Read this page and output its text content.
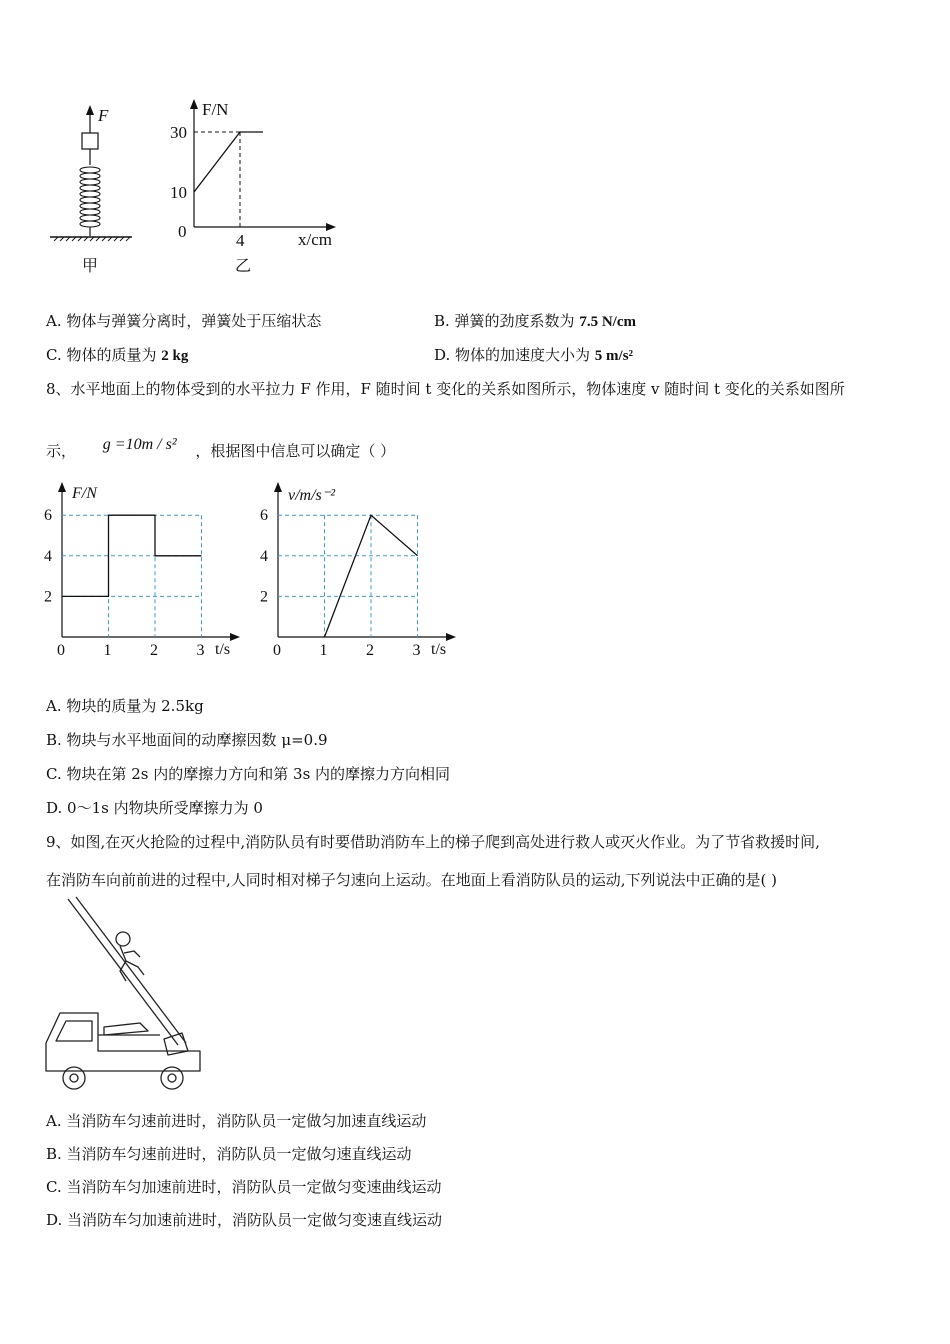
F
甲
F/N
x/cm
0
30
10
4
乙
A. 物体与弹簧分离时，弹簧处于压缩状态	B. 弹簧的劲度系数为 7.5 N/cm
C. 物体的质量为 2 kg	D. 物体的加速度大小为 5 m/s²
8、水平地面上的物体受到的水平拉力 F 作用，F 随时间 t 变化的关系如图所示，物体速度 v 随时间 t 变化的关系如图所
示， g =10m / s² ，根据图中信息可以确定（ ）
F/N
t/s
2
4
6
0 1 2 3
v/m/s⁻²
t/s
2
4
6
0 1 2 3
A. 物块的质量为 2.5kg
B. 物块与水平地面间的动摩擦因数 μ=0.9
C. 物块在第 2s 内的摩擦力方向和第 3s 内的摩擦力方向相同
D. 0～1s 内物块所受摩擦力为 0
9、如图,在灭火抢险的过程中,消防队员有时要借助消防车上的梯子爬到高处进行救人或灭火作业。为了节省救援时间,
在消防车向前前进的过程中,人同时相对梯子匀速向上运动。在地面上看消防队员的运动,下列说法中正确的是( )
A. 当消防车匀速前进时，消防队员一定做匀加速直线运动
B. 当消防车匀速前进时，消防队员一定做匀速直线运动
C. 当消防车匀加速前进时，消防队员一定做匀变速曲线运动
D. 当消防车匀加速前进时，消防队员一定做匀变速直线运动
